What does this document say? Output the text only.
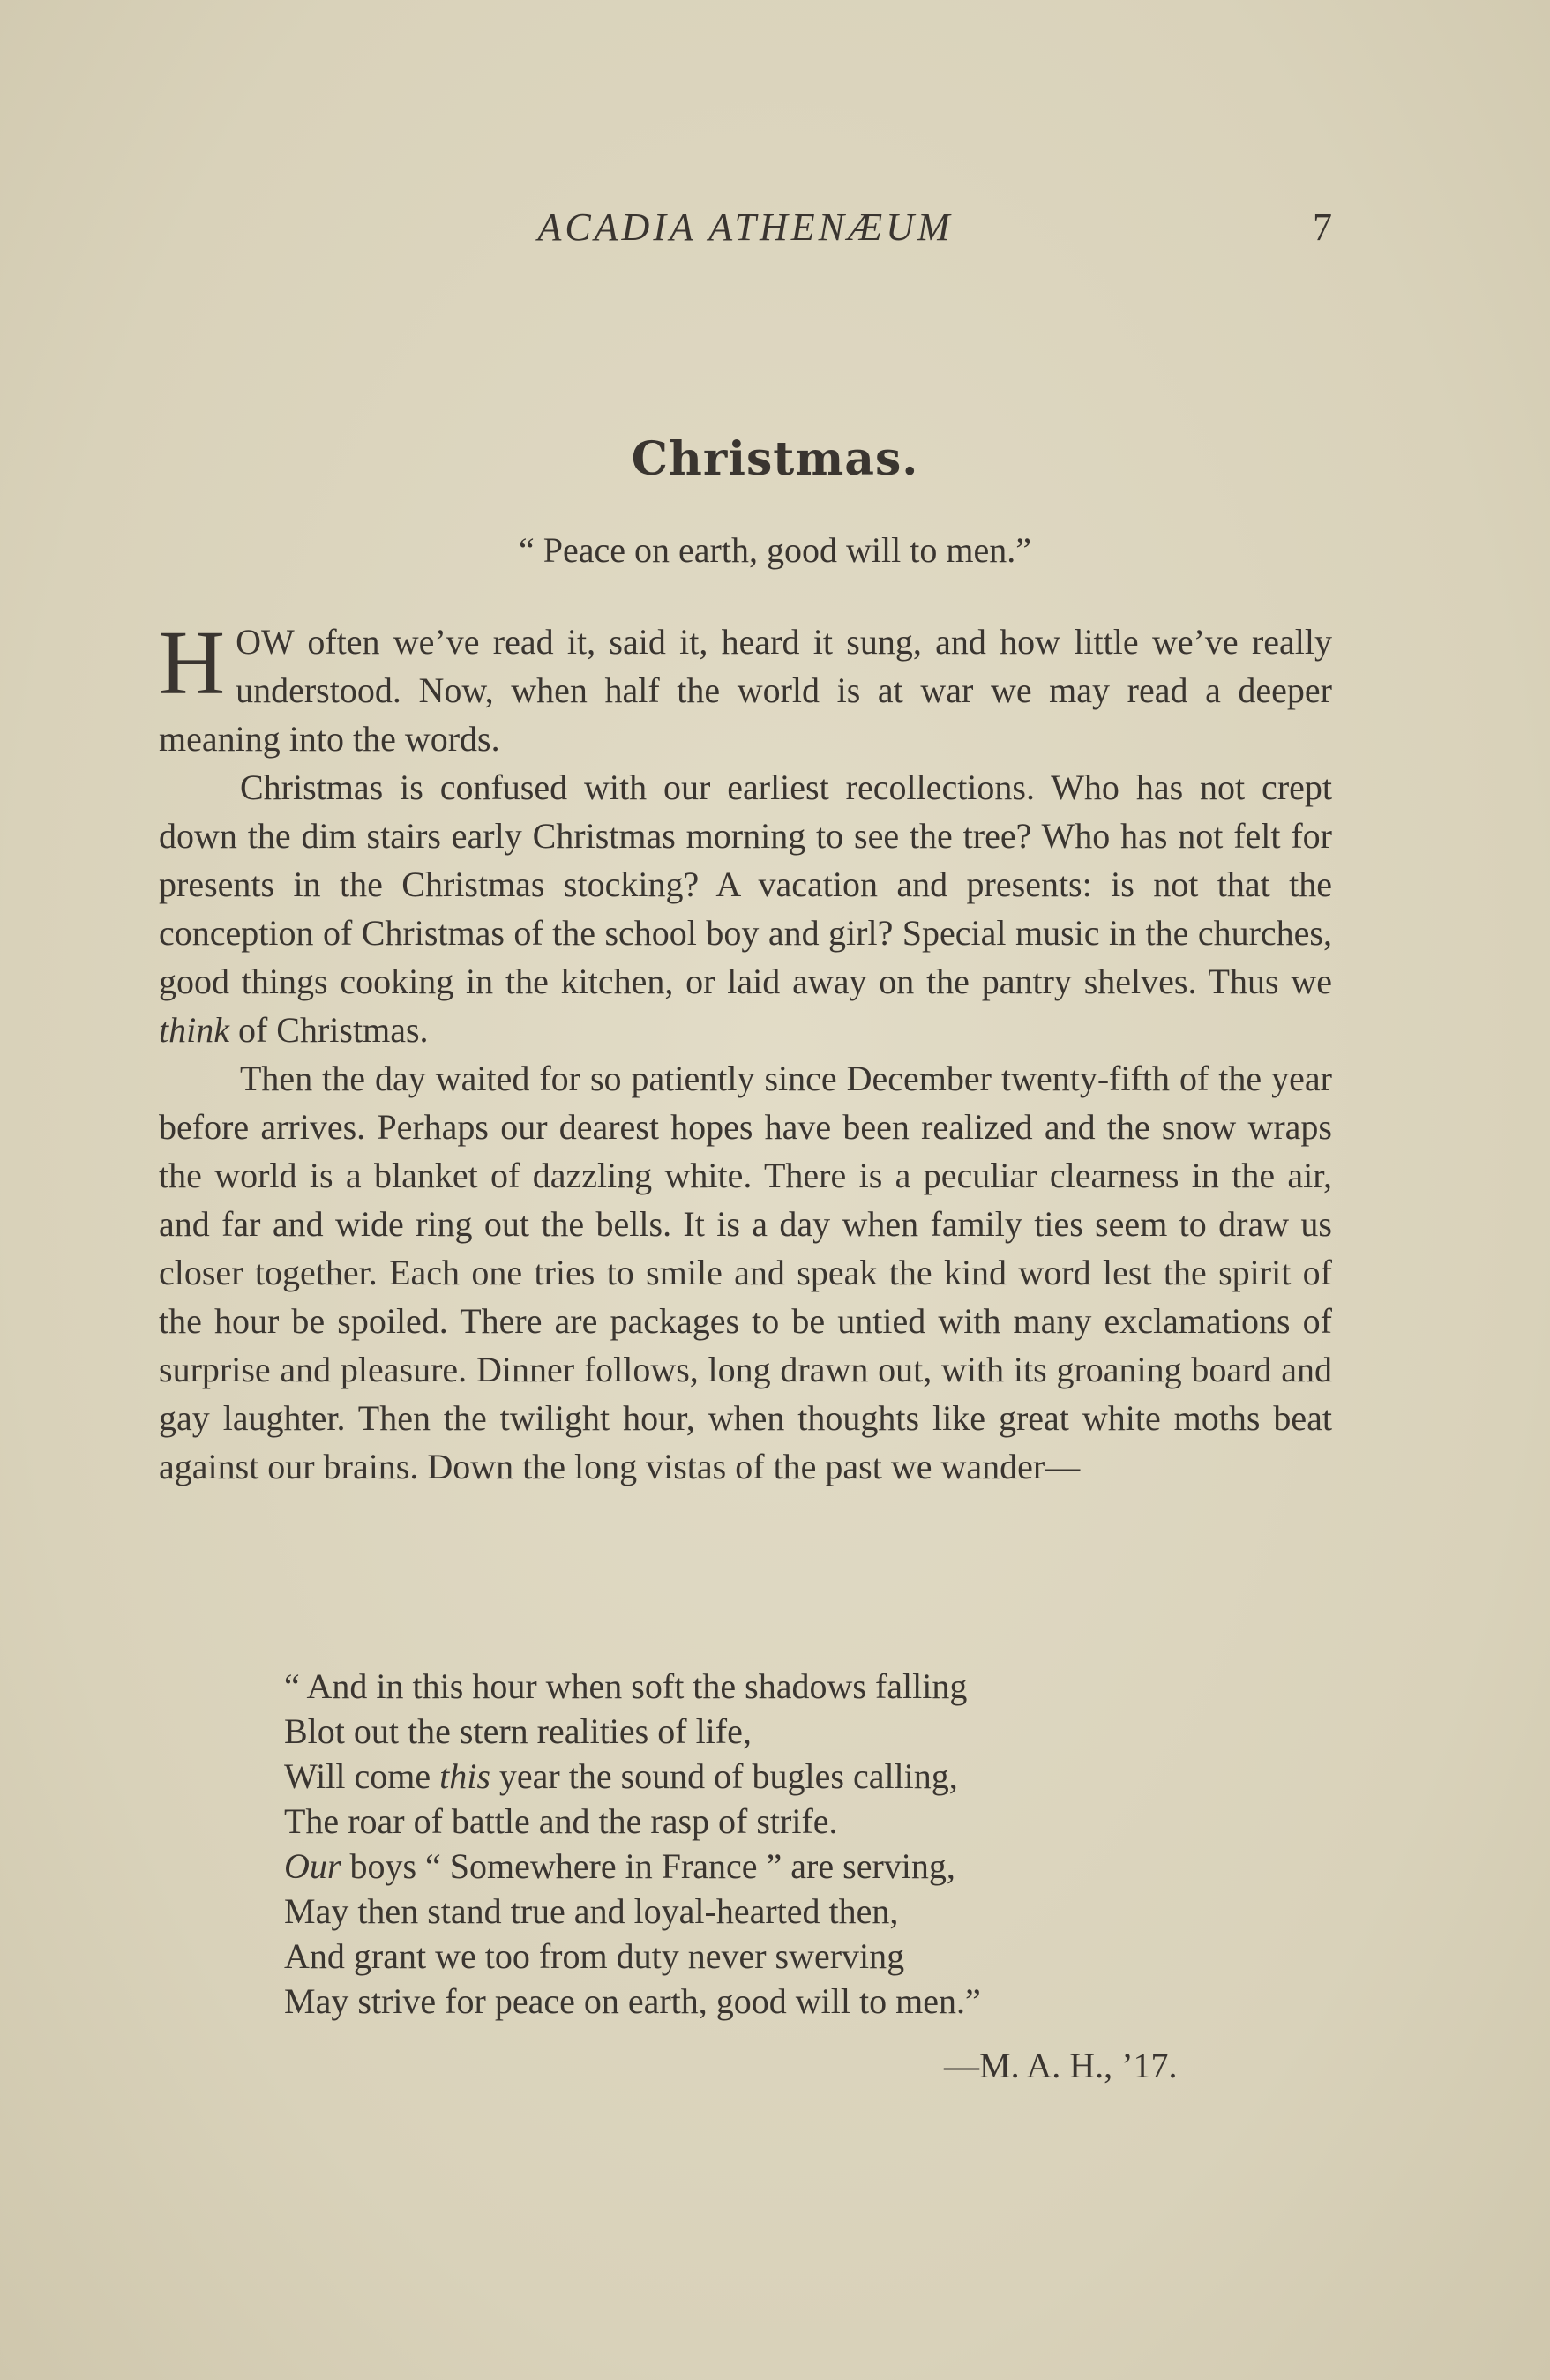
ACADIA ATHENÆUM	7
Christmas.
“ Peace on earth, good will to men.”

HOW often we’ve read it, said it, heard it sung, and how little we’ve really understood. Now, when half the world is at war we may read a deeper meaning into the words.

Christmas is confused with our earliest recollections. Who has not crept down the dim stairs early Christmas morning to see the tree? Who has not felt for presents in the Christmas stocking? A vacation and presents: is not that the conception of Christmas of the school boy and girl? Special music in the churches, good things cooking in the kitchen, or laid away on the pantry shelves. Thus we think of Christmas.

Then the day waited for so patiently since December twenty-fifth of the year before arrives. Perhaps our dearest hopes have been realized and the snow wraps the world is a blanket of dazzling white. There is a peculiar clearness in the air, and far and wide ring out the bells. It is a day when family ties seem to draw us closer together. Each one tries to smile and speak the kind word lest the spirit of the hour be spoiled. There are packages to be untied with many exclamations of surprise and pleasure. Dinner follows, long drawn out, with its groaning board and gay laughter. Then the twilight hour, when thoughts like great white moths beat against our brains. Down the long vistas of the past we wander—

“ And in this hour when soft the shadows falling
Blot out the stern realities of life,
Will come this year the sound of bugles calling,
The roar of battle and the rasp of strife.
Our boys “ Somewhere in France ” are serving,
May then stand true and loyal-hearted then,
And grant we too from duty never swerving
May strive for peace on earth, good will to men.”
—M. A. H., ’17.
